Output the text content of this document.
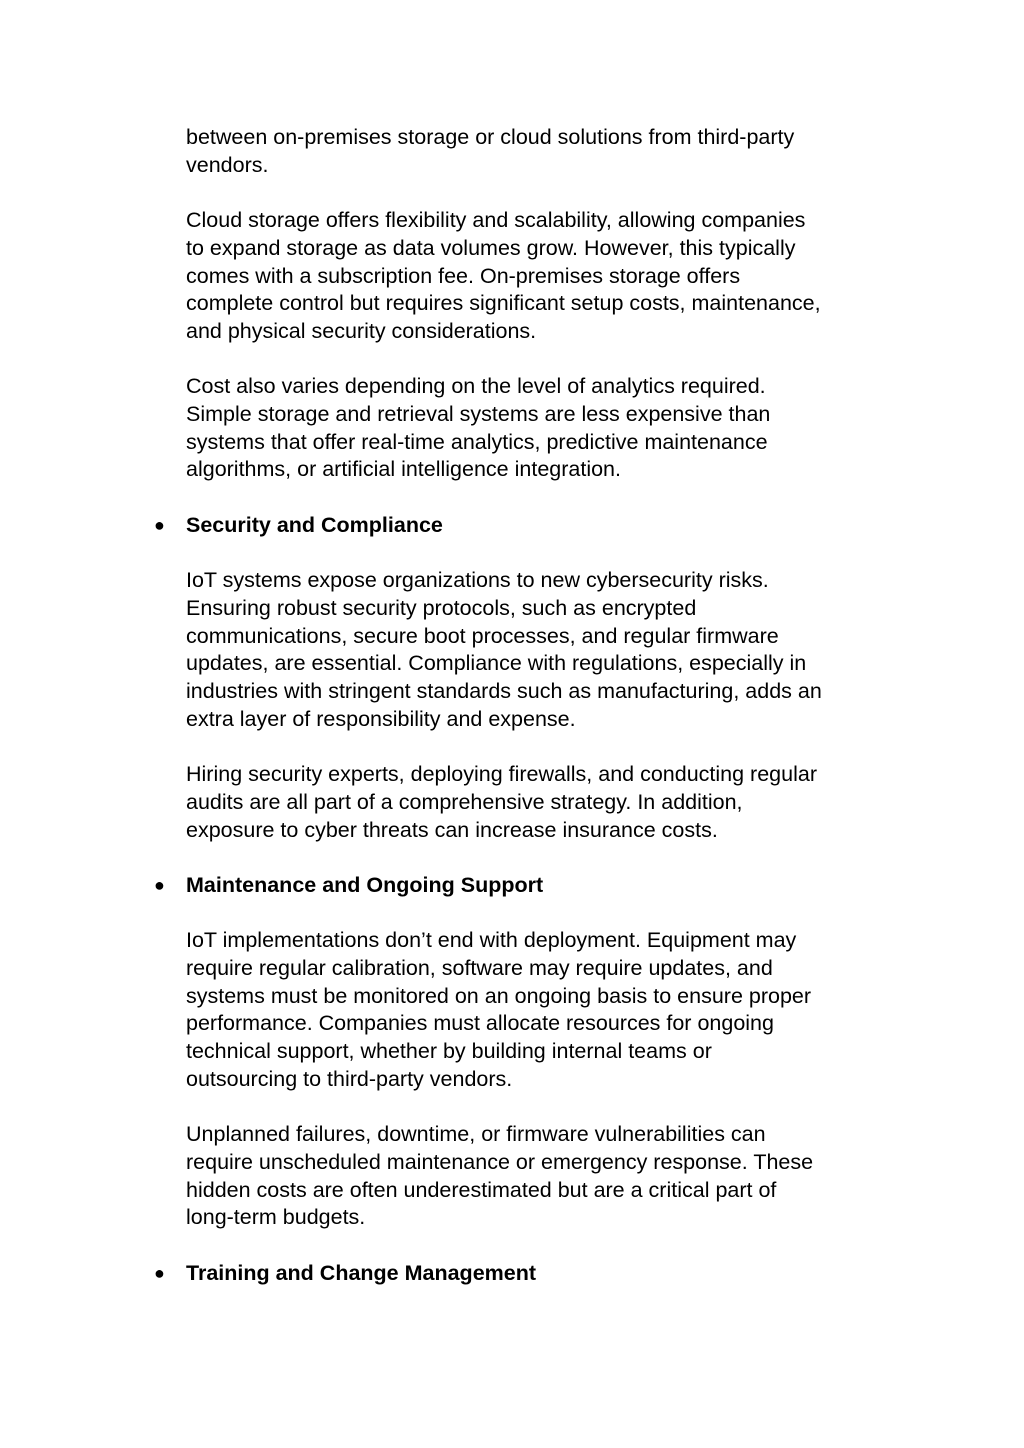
between on-premises storage or cloud solutions from third-party
vendors.

Cloud storage offers flexibility and scalability, allowing companies
to expand storage as data volumes grow. However, this typically
comes with a subscription fee. On-premises storage offers
complete control but requires significant setup costs, maintenance,
and physical security considerations.

Cost also varies depending on the level of analytics required.
Simple storage and retrieval systems are less expensive than
systems that offer real-time analytics, predictive maintenance
algorithms, or artificial intelligence integration.

● Security and Compliance

IoT systems expose organizations to new cybersecurity risks.
Ensuring robust security protocols, such as encrypted
communications, secure boot processes, and regular firmware
updates, are essential. Compliance with regulations, especially in
industries with stringent standards such as manufacturing, adds an
extra layer of responsibility and expense.

Hiring security experts, deploying firewalls, and conducting regular
audits are all part of a comprehensive strategy. In addition,
exposure to cyber threats can increase insurance costs.

● Maintenance and Ongoing Support

IoT implementations don’t end with deployment. Equipment may
require regular calibration, software may require updates, and
systems must be monitored on an ongoing basis to ensure proper
performance. Companies must allocate resources for ongoing
technical support, whether by building internal teams or
outsourcing to third-party vendors.

Unplanned failures, downtime, or firmware vulnerabilities can
require unscheduled maintenance or emergency response. These
hidden costs are often underestimated but are a critical part of
long-term budgets.

● Training and Change Management
